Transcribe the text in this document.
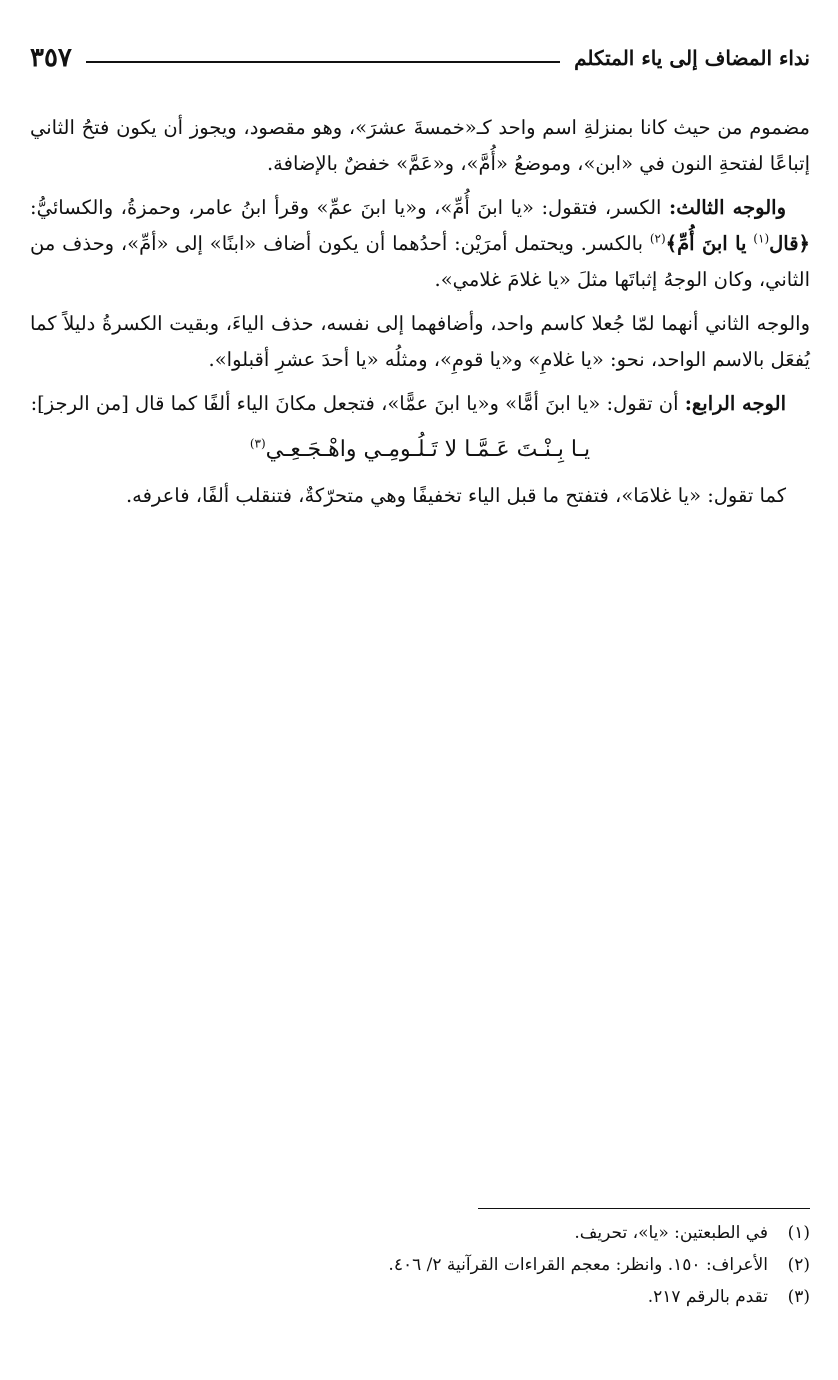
نداء المضاف إلى ياء المتكلم
٣٥٧

مضموم من حيث كانا بمنزلةِ اسم واحد كـ«خمسةَ عشرَ»، وهو مقصود، ويجوز أن يكون فتحُ الثاني إتباعًا لفتحةِ النون في «ابن»، وموضعُ «أُمَّ»، و«عَمَّ» خفضٌ بالإضافة.

والوجه الثالث: الكسر، فتقول: «يا ابنَ أُمِّ»، و«يا ابنَ عمِّ» وقرأ ابنُ عامر، وحمزةُ، والكسائيُّ: ﴿قال$^{(١)}$ يا ابنَ أُمِّ﴾$^{(٢)}$ بالكسر. ويحتمل أمرَيْن: أحدُهما أن يكون أضاف «ابنًا» إلى «أمِّ»، وحذف من الثاني، وكان الوجهُ إثباتَها مثلَ «يا غلامَ غلامي».

والوجه الثاني أنهما لمّا جُعلا كاسم واحد، وأضافهما إلى نفسه، حذف الياءَ، وبقيت الكسرةُ دليلاً كما يُفعَل بالاسم الواحد، نحو: «يا غلامِ» و«يا قومِ»، ومثلُه «يا أحدَ عشرِ أقبلوا».

الوجه الرابع: أن تقول: «يا ابنَ أمًّا» و«يا ابنَ عمًّا»، فتجعل مكانَ الياء ألفًا كما قال [من الرجز]:

يـا بِـنْـتَ عَـمَّـا لا تَـلُـومِـي واهْـجَـعِـي$^{(٣)}$

كما تقول: «يا غلامَا»، فتفتح ما قبل الياء تخفيفًا وهي متحرّكةٌ، فتنقلب ألفًا، فاعرفه.

(١)
في الطبعتين: «يا»، تحريف.
(٢)
الأعراف: ١٥٠. وانظر: معجم القراءات القرآنية ٢/ ٤٠٦.
(٣)
تقدم بالرقم ٢١٧.
